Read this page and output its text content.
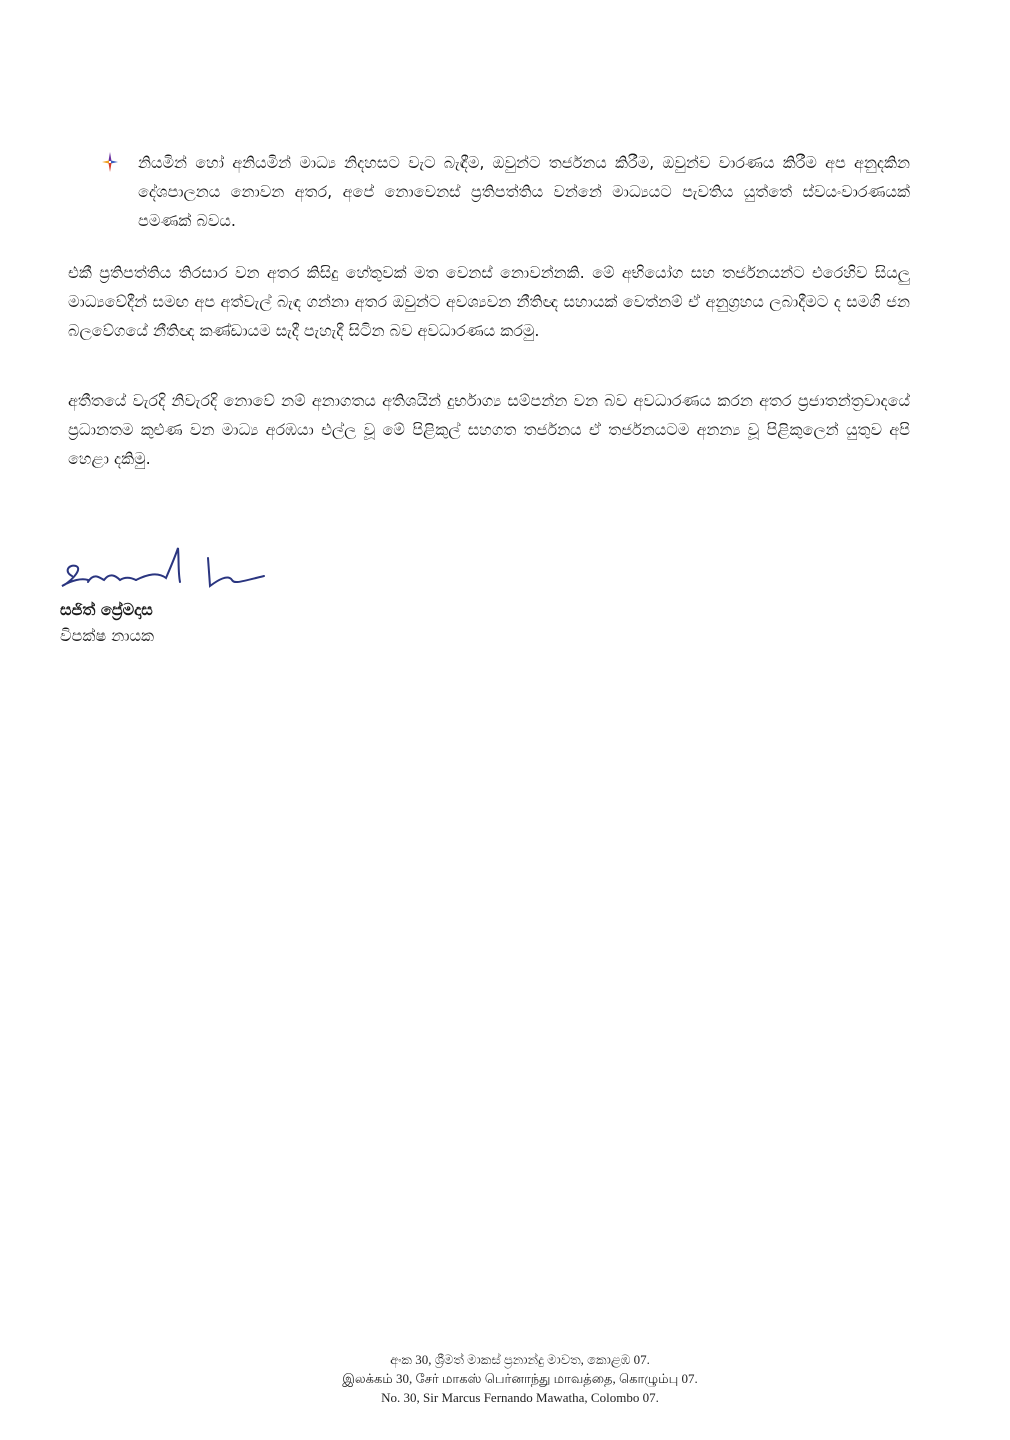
නියමින් හෝ අනියමින් මාධ්‍ය නිදහසට වැට බැඳීම, ඔවුන්ට තර්ජනය කිරීම, ඔවුන්ව වාරණය කිරීම අප අනුදකින දේශපාලනය නොවන අතර, අපේ නොවෙනස් ප්‍රතිපත්තිය වන්නේ මාධ්‍යයට පැවතිය යුත්තේ ස්වයංවාරණයක් පමණක් බවය.
එකී ප්‍රතිපත්තිය තිරසාර වන අතර කිසිදු හේතුවක් මත වෙනස් නොවන්නකි. මේ අභියෝග සහ තර්ජනයන්ට එරෙහිව සියලු මාධ්‍යවේදීන් සමඟ අප අත්වැල් බැඳ ගන්නා අතර ඔවුන්ට අවශ්‍යවන නීතිඥ සහායක් වෙත්නම් ඒ අනුග්‍රහය ලබාදීමට ද සමගි ජන බලවේගයේ නීතිඥ කණ්ඩායම සැදී පැහැදී සිටින බව අවධාරණය කරමු.
අතීතයේ වැරදි නිවැරදි නොවේ නම් අනාගතය අතිශයින් දුර්භාග්‍ය සම්පන්න වන බව අවධාරණය කරන අතර ප්‍රජාතන්ත්‍රවාදයේ ප්‍රධානතම කුළුණ වන මාධ්‍ය අරඹයා එල්ල වූ මේ පිළිකුල් සහගත තර්ජනය ඒ තර්ජනයටම අනන්‍ය වූ පිළිකුලෙන් යුතුව අපි හෙළා දකිමු.
සජිත් ප්‍රේමදාස
විපක්ෂ නායක
අංක 30, ශ්‍රීමත් මාකස් ප්‍රනාන්දු මාවත, කොළඹ 07.
இலக்கம் 30, சேர் மாகஸ் பெர்னாந்து மாவத்தை, கொழும்பு 07.
No. 30, Sir Marcus Fernando Mawatha, Colombo 07.
